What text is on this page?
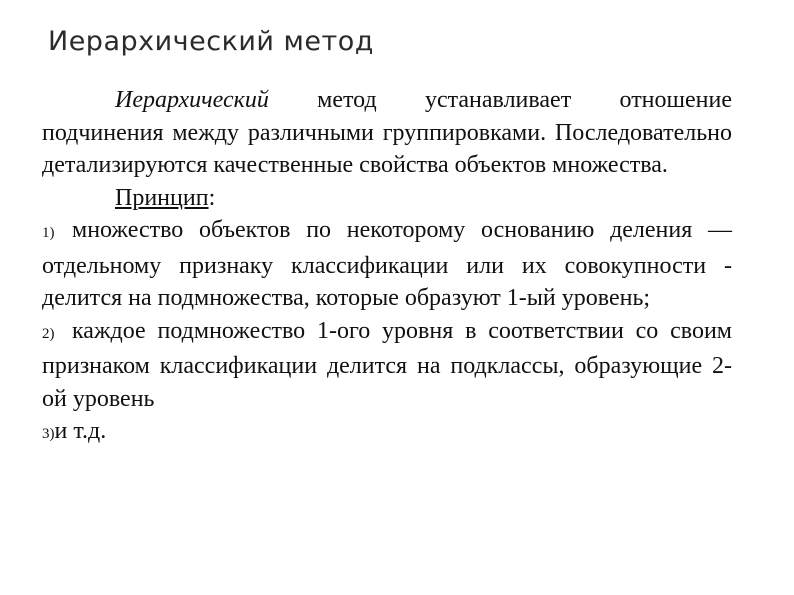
Иерархический метод

Иерархический метод устанавливает отношение подчинения между различными группировками. Последовательно детализируются качественные свойства объектов множества.

Принцип:

1) множество объектов по некоторому основанию деления — отдельному признаку классификации или их совокупности - делится на подмножества, которые образуют 1-ый уровень;

2) каждое подмножество 1-ого уровня в соответствии со своим признаком классификации делится на подклассы, образующие 2-ой уровень

3)и т.д.
